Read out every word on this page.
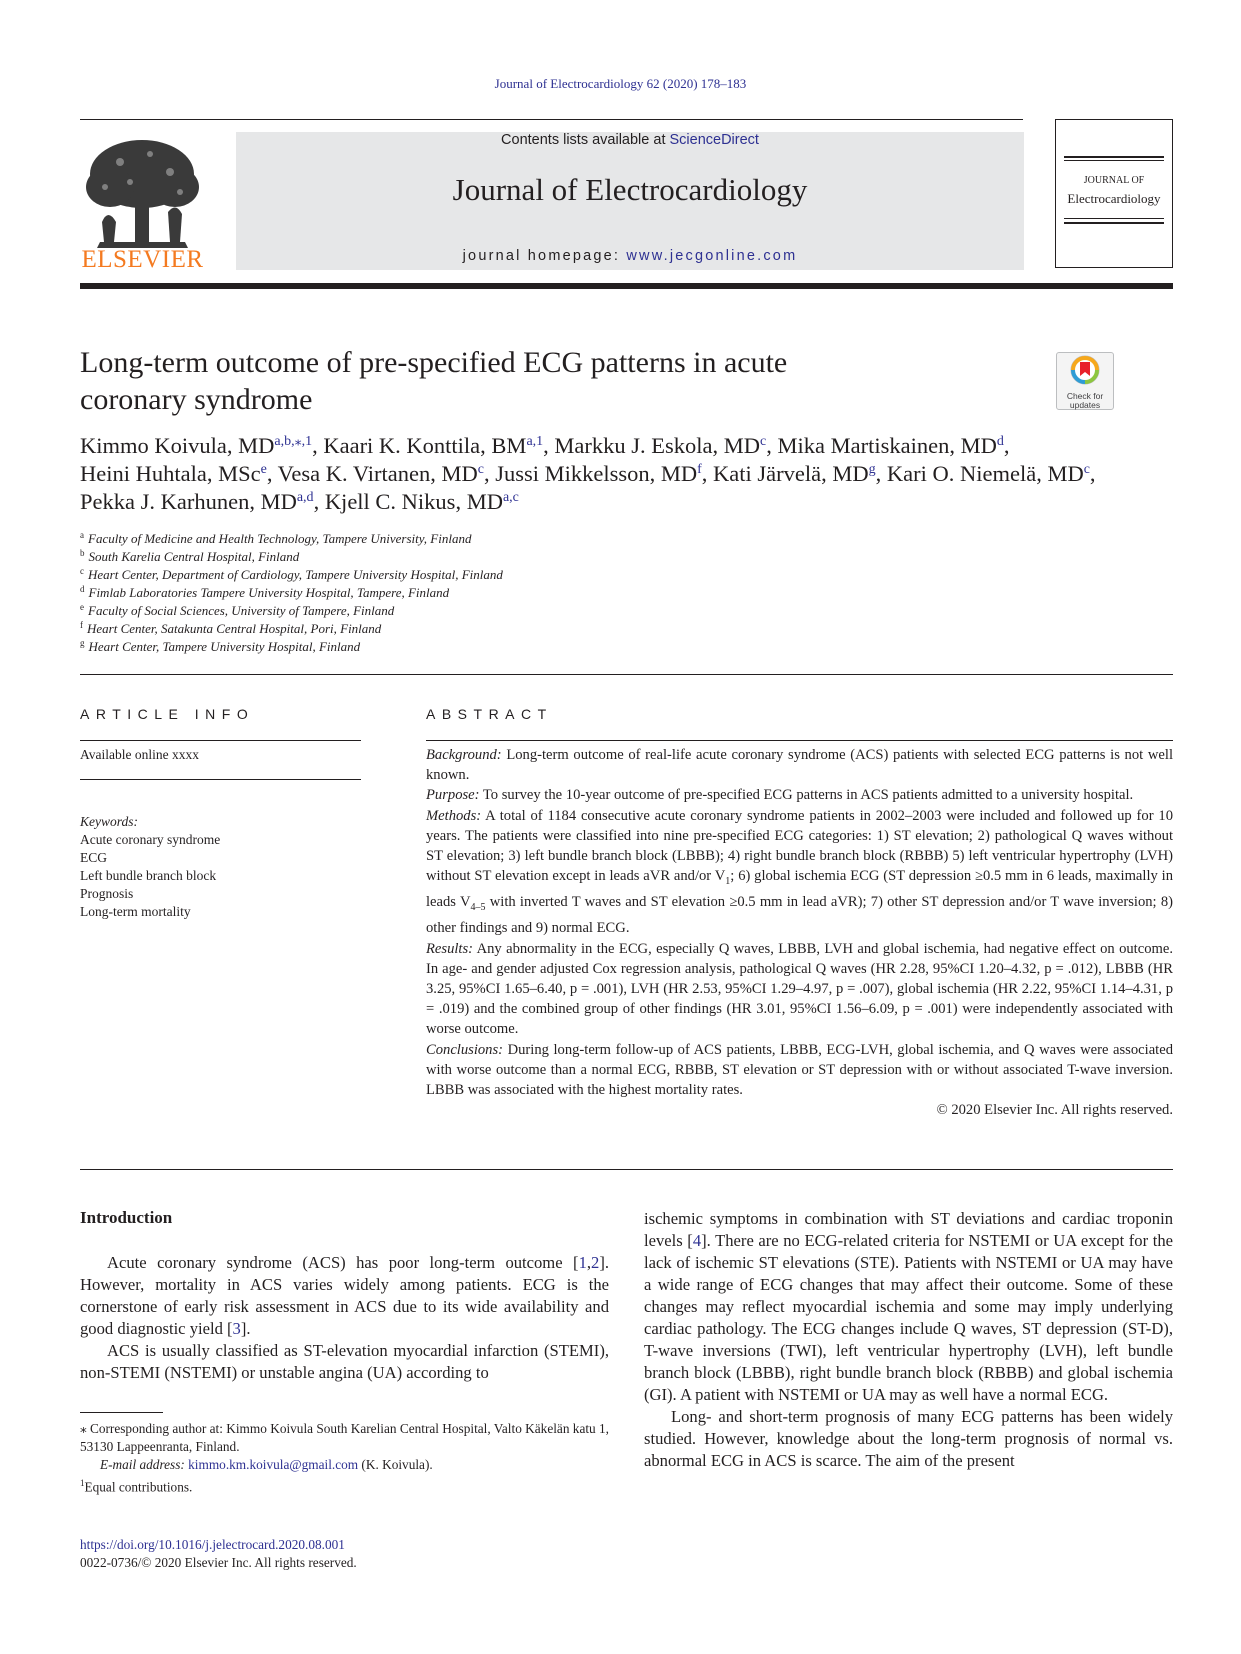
Journal of Electrocardiology 62 (2020) 178–183
ELSEVIER
Contents lists available at ScienceDirect
Journal of Electrocardiology
journal homepage: www.jecgonline.com
JOURNAL OF
Electrocardiology
Long-term outcome of pre-specified ECG patterns in acute
coronary syndrome	Check for
updates
Kimmo Koivula, $MD^{a,b,⁎,1}$, Kaari K. Konttila, BM$^{a,1}$, Markku J. Eskola, $MD^c$, Mika Martiskainen, $MD^d$,
Heini Huhtala, MSc$^e$, Vesa K. Virtanen, $MD^c$, Jussi Mikkelsson, $MD^f$, Kati Järvelä, $MD^g$, Kari O. Niemelä, $MD^c$,
Pekka J. Karhunen, MD$^{a,d}$, Kjell C. Nikus, MD$^{a,c}$
$^a$ Faculty of Medicine and Health Technology, Tampere University, Finland
$^b$ South Karelia Central Hospital, Finland
$^c$ Heart Center, Department of Cardiology, Tampere University Hospital, Finland
$^d$ Fimlab Laboratories Tampere University Hospital, Tampere, Finland
$^e$ Faculty of Social Sciences, University of Tampere, Finland
$^f$ Heart Center, Satakunta Central Hospital, Pori, Finland
$^g$ Heart Center, Tampere University Hospital, Finland
ARTICLE INFO
Available online xxxx
Keywords:
Acute coronary syndrome
ECG
Left bundle branch block
Prognosis
Long-term mortality
ABSTRACT

Background: Long-term outcome of real-life acute coronary syndrome (ACS) patients with selected ECG patterns is not well known.

Purpose: To survey the 10-year outcome of pre-specified ECG patterns in ACS patients admitted to a university hospital.

Methods: A total of 1184 consecutive acute coronary syndrome patients in 2002–2003 were included and followed up for 10 years. The patients were classified into nine pre-specified ECG categories: 1) ST elevation; 2) pathological Q waves without ST elevation; 3) left bundle branch block (LBBB); 4) right bundle branch block (RBBB) 5) left ventricular hypertrophy (LVH) without ST elevation except in leads aVR and/or $V_1$; 6) global ischemia ECG (ST depression ≥0.5 mm in 6 leads, maximally in leads $V_{4-5}$ with inverted T waves and ST elevation ≥0.5 mm in lead aVR); 7) other ST depression and/or T wave inversion; 8) other findings and 9) normal ECG.

Results: Any abnormality in the ECG, especially Q waves, LBBB, LVH and global ischemia, had negative effect on outcome. In age- and gender adjusted Cox regression analysis, pathological Q waves (HR 2.28, 95%CI 1.20–4.32, p = .012), LBBB (HR 3.25, 95%CI 1.65–6.40, p = .001), LVH (HR 2.53, 95%CI 1.29–4.97, p = .007), global ischemia (HR 2.22, 95%CI 1.14–4.31, p = .019) and the combined group of other findings (HR 3.01, 95%CI 1.56–6.09, p = .001) were independently associated with worse outcome.

Conclusions: During long-term follow-up of ACS patients, LBBB, ECG-LVH, global ischemia, and Q waves were associated with worse outcome than a normal ECG, RBBB, ST elevation or ST depression with or without associated T-wave inversion. LBBB was associated with the highest mortality rates.

© 2020 Elsevier Inc. All rights reserved.

Introduction

Acute coronary syndrome (ACS) has poor long-term outcome [1,2]. However, mortality in ACS varies widely among patients. ECG is the cornerstone of early risk assessment in ACS due to its wide availability and good diagnostic yield [3].

ACS is usually classified as ST-elevation myocardial infarction (STEMI), non-STEMI (NSTEMI) or unstable angina (UA) according to

ischemic symptoms in combination with ST deviations and cardiac troponin levels [4]. There are no ECG-related criteria for NSTEMI or UA except for the lack of ischemic ST elevations (STE). Patients with NSTEMI or UA may have a wide range of ECG changes that may affect their outcome. Some of these changes may reflect myocardial ischemia and some may imply underlying cardiac pathology. The ECG changes include Q waves, ST depression (ST-D), T-wave inversions (TWI), left ventricular hypertrophy (LVH), left bundle branch block (LBBB), right bundle branch block (RBBB) and global ischemia (GI). A patient with NSTEMI or UA may as well have a normal ECG.

Long- and short-term prognosis of many ECG patterns has been widely studied. However, knowledge about the long-term prognosis of normal vs. abnormal ECG in ACS is scarce. The aim of the present

⁎ Corresponding author at: Kimmo Koivula South Karelian Central Hospital, Valto Käkelän katu 1, 53130 Lappeenranta, Finland.

E-mail address: kimmo.km.koivula@gmail.com (K. Koivula).

$^1$Equal contributions.

https://doi.org/10.1016/j.jelectrocard.2020.08.001
0022-0736/© 2020 Elsevier Inc. All rights reserved.
